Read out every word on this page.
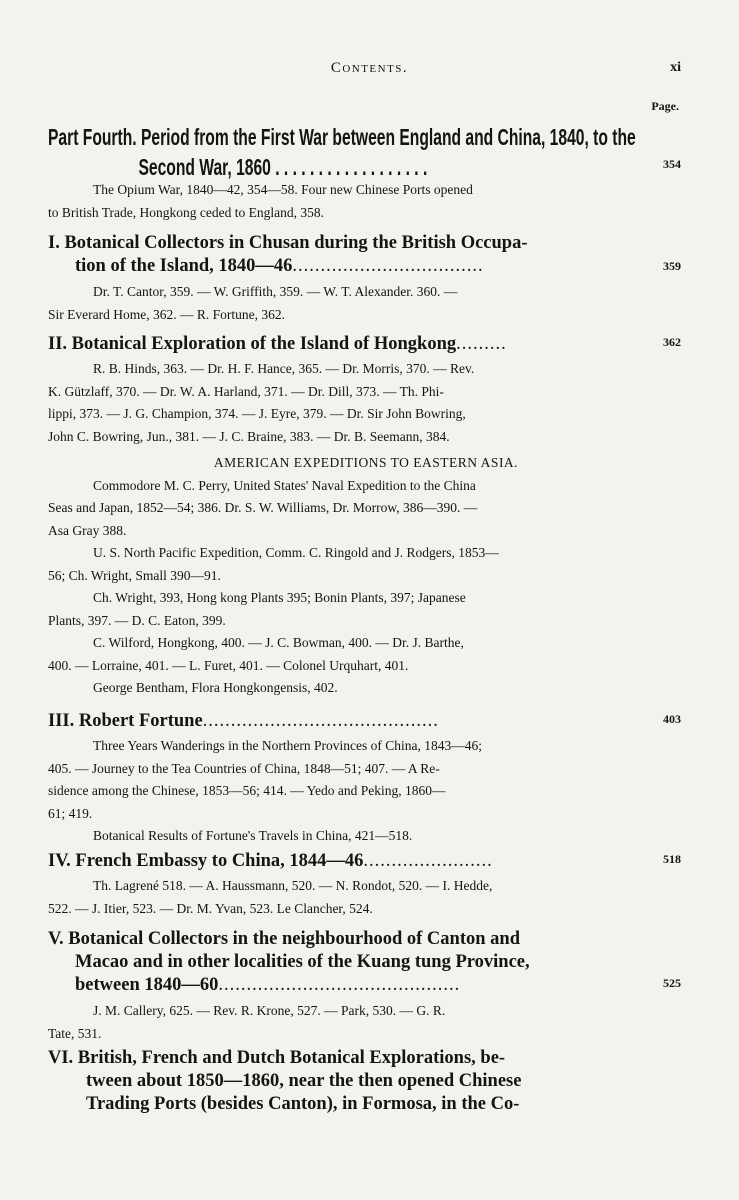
Contents.	xi
Page.
Part Fourth. Period from the First War between England and China, 1840, to the
Second War, 1860 . . . . . . . . . . . . . . . . . .	354
The Opium War, 1840—42, 354—58. Four new Chinese Ports opened
to British Trade, Hongkong ceded to England, 358.
I. Botanical Collectors in Chusan during the British Occupa-
tion of the Island, 1840—46..................................
Dr. T. Cantor, 359. — W. Griffith, 359. — W. T. Alexander. 360. —
Sir Everard Home, 362. — R. Fortune, 362.
359
II. Botanical Exploration of the Island of Hongkong.........
R. B. Hinds, 363. — Dr. H. F. Hance, 365. — Dr. Morris, 370. — Rev.
K. Gützlaff, 370. — Dr. W. A. Harland, 371. — Dr. Dill, 373. — Th. Phi-
lippi, 373. — J. G. Champion, 374. — J. Eyre, 379. — Dr. Sir John Bowring,
John C. Bowring, Jun., 381. — J. C. Braine, 383. — Dr. B. Seemann, 384.
362
AMERICAN EXPEDITIONS TO EASTERN ASIA.
Commodore M. C. Perry, United States' Naval Expedition to the China
Seas and Japan, 1852—54; 386. Dr. S. W. Williams, Dr. Morrow, 386—390. —
Asa Gray 388.
U. S. North Pacific Expedition, Comm. C. Ringold and J. Rodgers, 1853—
56; Ch. Wright, Small 390—91.
Ch. Wright, 393, Hong kong Plants 395; Bonin Plants, 397; Japanese
Plants, 397. — D. C. Eaton, 399.
C. Wilford, Hongkong, 400. — J. C. Bowman, 400. — Dr. J. Barthe,
400. — Lorraine, 401. — L. Furet, 401. — Colonel Urquhart, 401.
George Bentham, Flora Hongkongensis, 402.
III. Robert Fortune..........................................
Three Years Wanderings in the Northern Provinces of China, 1843—46;
405. — Journey to the Tea Countries of China, 1848—51; 407. — A Re-
sidence among the Chinese, 1853—56; 414. — Yedo and Peking, 1860—
61; 419.
Botanical Results of Fortune's Travels in China, 421—518.
403
IV. French Embassy to China, 1844—46.......................
Th. Lagrené 518. — A. Haussmann, 520. — N. Rondot, 520. — I. Hedde,
522. — J. Itier, 523. — Dr. M. Yvan, 523. Le Clancher, 524.
518
V. Botanical Collectors in the neighbourhood of Canton and
Macao and in other localities of the Kuang tung Province,
between 1840—60...........................................
J. M. Callery, 625. — Rev. R. Krone, 527. — Park, 530. — G. R.
Tate, 531.
525
VI. British, French and Dutch Botanical Explorations, be-
tween about 1850—1860, near the then opened Chinese
Trading Ports (besides Canton), in Formosa, in the Co-
